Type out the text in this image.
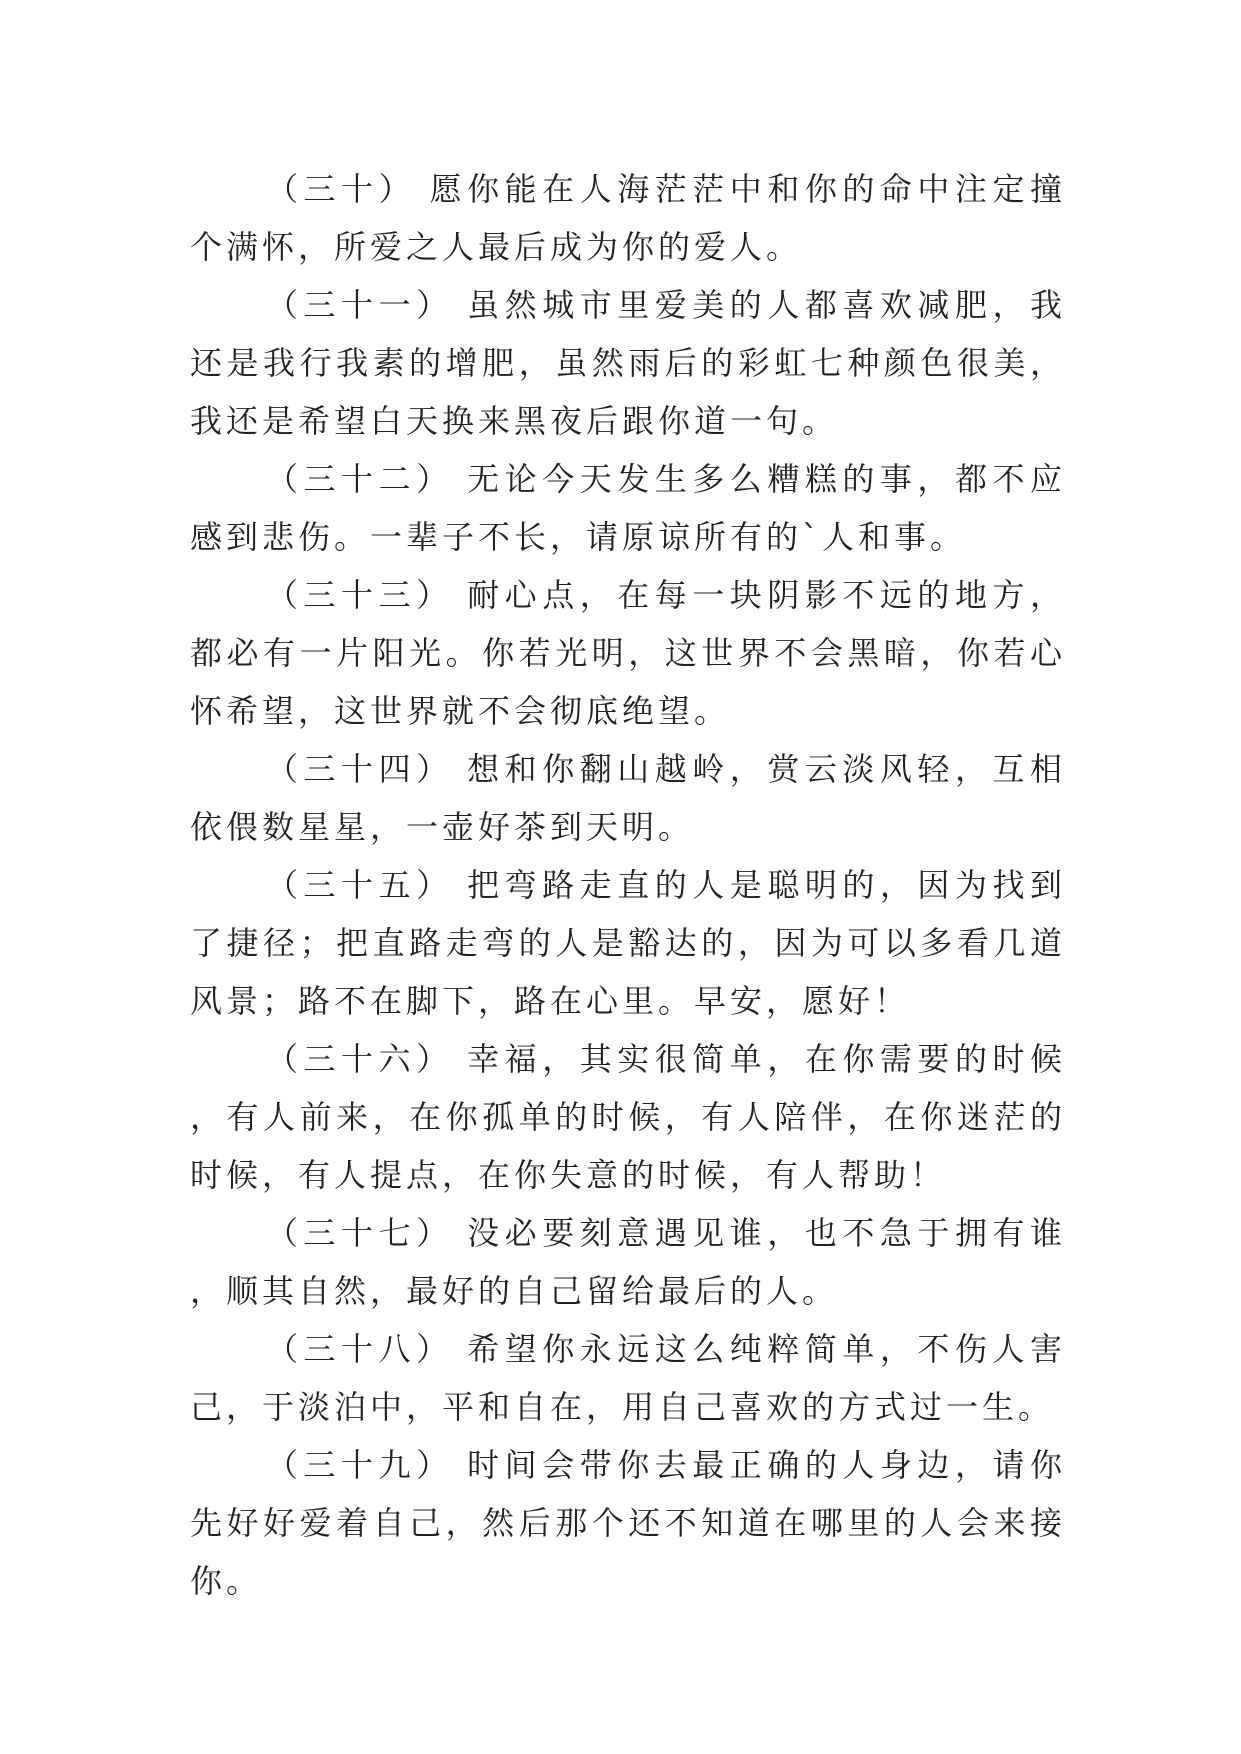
（三十） 愿你能在人海茫茫中和你的命中注定撞个满怀，所爱之人最后成为你的爱人。

（三十一） 虽然城市里爱美的人都喜欢减肥，我还是我行我素的增肥，虽然雨后的彩虹七种颜色很美，我还是希望白天换来黑夜后跟你道一句。

（三十二） 无论今天发生多么糟糕的事，都不应感到悲伤。一辈子不长，请原谅所有的`人和事。

（三十三） 耐心点，在每一块阴影不远的地方，都必有一片阳光。你若光明，这世界不会黑暗，你若心怀希望，这世界就不会彻底绝望。

（三十四） 想和你翻山越岭，赏云淡风轻，互相依偎数星星，一壶好茶到天明。

（三十五） 把弯路走直的人是聪明的，因为找到了捷径；把直路走弯的人是豁达的，因为可以多看几道风景；路不在脚下，路在心里。早安，愿好！

（三十六） 幸福，其实很简单，在你需要的时候，有人前来，在你孤单的时候，有人陪伴，在你迷茫的时候，有人提点，在你失意的时候，有人帮助！

（三十七） 没必要刻意遇见谁，也不急于拥有谁，顺其自然，最好的自己留给最后的人。

（三十八） 希望你永远这么纯粹简单，不伤人害己，于淡泊中，平和自在，用自己喜欢的方式过一生。

（三十九） 时间会带你去最正确的人身边，请你先好好爱着自己，然后那个还不知道在哪里的人会来接你。
